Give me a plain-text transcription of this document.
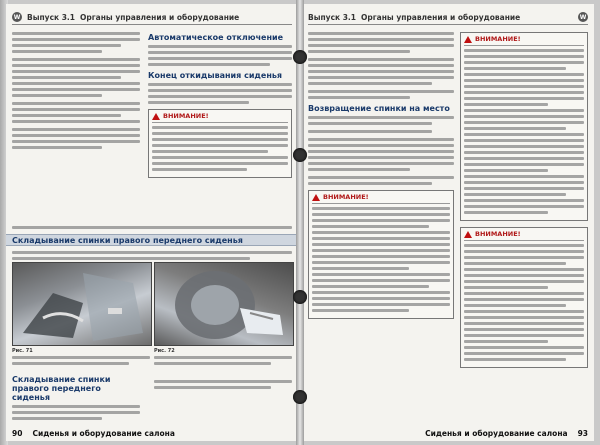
W Выпуск 3.1 Органы управления и оборудование
Автоматическое отключение
Конец откидывания сиденья
ВНИМАНИЕ!
Складывание спинки правого переднего сиденья
Рис. 71	Рис. 72
Складывание спинки правого переднего сиденья
90 Сиденья и оборудование салона
Выпуск 3.1 Органы управления и оборудование	W
Возвращение спинки на место
ВНИМАНИЕ!
ВНИМАНИЕ!
ВНИМАНИЕ!
Сиденья и оборудование салона 93
